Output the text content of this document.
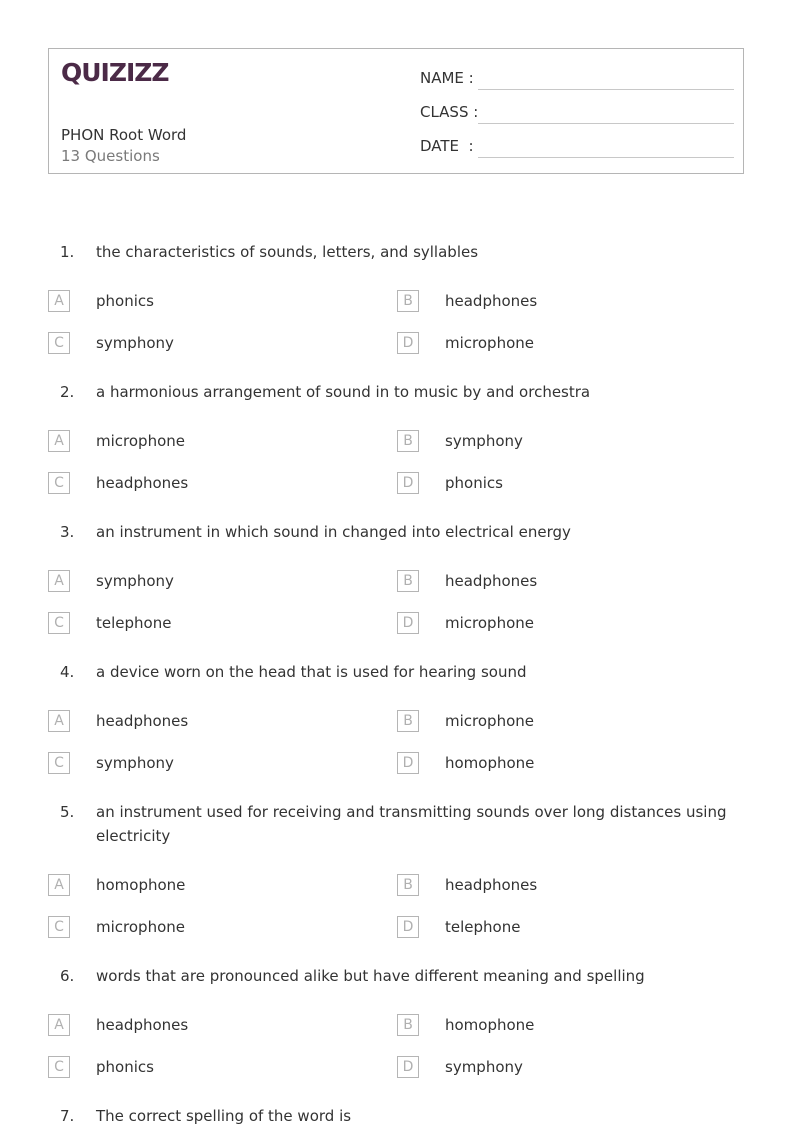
QUIZIZZ
PHON Root Word
13 Questions
NAME :
CLASS :
DATE  :
1. the characteristics of sounds, letters, and syllables
A	phonics	B	headphones
C	symphony	D	microphone
2. a harmonious arrangement of sound in to music by and orchestra
A	microphone	B	symphony
C	headphones	D	phonics
3. an instrument in which sound in changed into electrical energy
A	symphony	B	headphones
C	telephone	D	microphone
4. a device worn on the head that is used for hearing sound
A	headphones	B	microphone
C	symphony	D	homophone
5. an instrument used for receiving and transmitting sounds over long distances using electricity
A	homophone	B	headphones
C	microphone	D	telephone
6. words that are pronounced alike but have different meaning and spelling
A	headphones	B	homophone
C	phonics	D	symphony
7. The correct spelling of the word is
